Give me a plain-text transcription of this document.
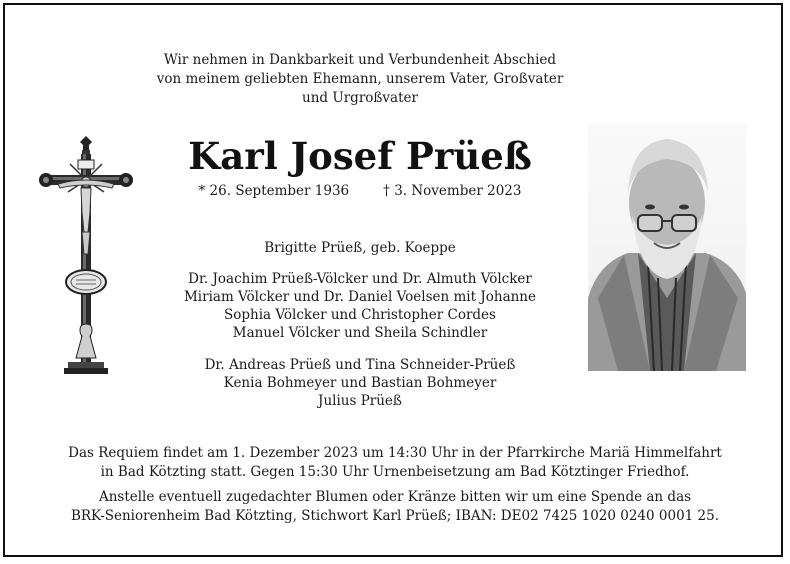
Wir nehmen in Dankbarkeit und Verbundenheit Abschied
von meinem geliebten Ehemann, unserem Vater, Großvater
und Urgroßvater
Karl Josef Prüeß
* 26. September 1936	† 3. November 2023
Brigitte Prüeß, geb. Koeppe
Dr. Joachim Prüeß-Völcker und Dr. Almuth Völcker
Miriam Völcker und Dr. Daniel Voelsen mit Johanne
Sophia Völcker und Christopher Cordes
Manuel Völcker und Sheila Schindler
Dr. Andreas Prüeß und Tina Schneider-Prüeß
Kenia Bohmeyer und Bastian Bohmeyer
Julius Prüeß
Das Requiem findet am 1. Dezember 2023 um 14:30 Uhr in der Pfarrkirche Mariä Himmelfahrt
in Bad Kötzting statt. Gegen 15:30 Uhr Urnenbeisetzung am Bad Kötztinger Friedhof.
Anstelle eventuell zugedachter Blumen oder Kränze bitten wir um eine Spende an das
BRK-Seniorenheim Bad Kötzting, Stichwort Karl Prüeß; IBAN: DE02 7425 1020 0240 0001 25.
